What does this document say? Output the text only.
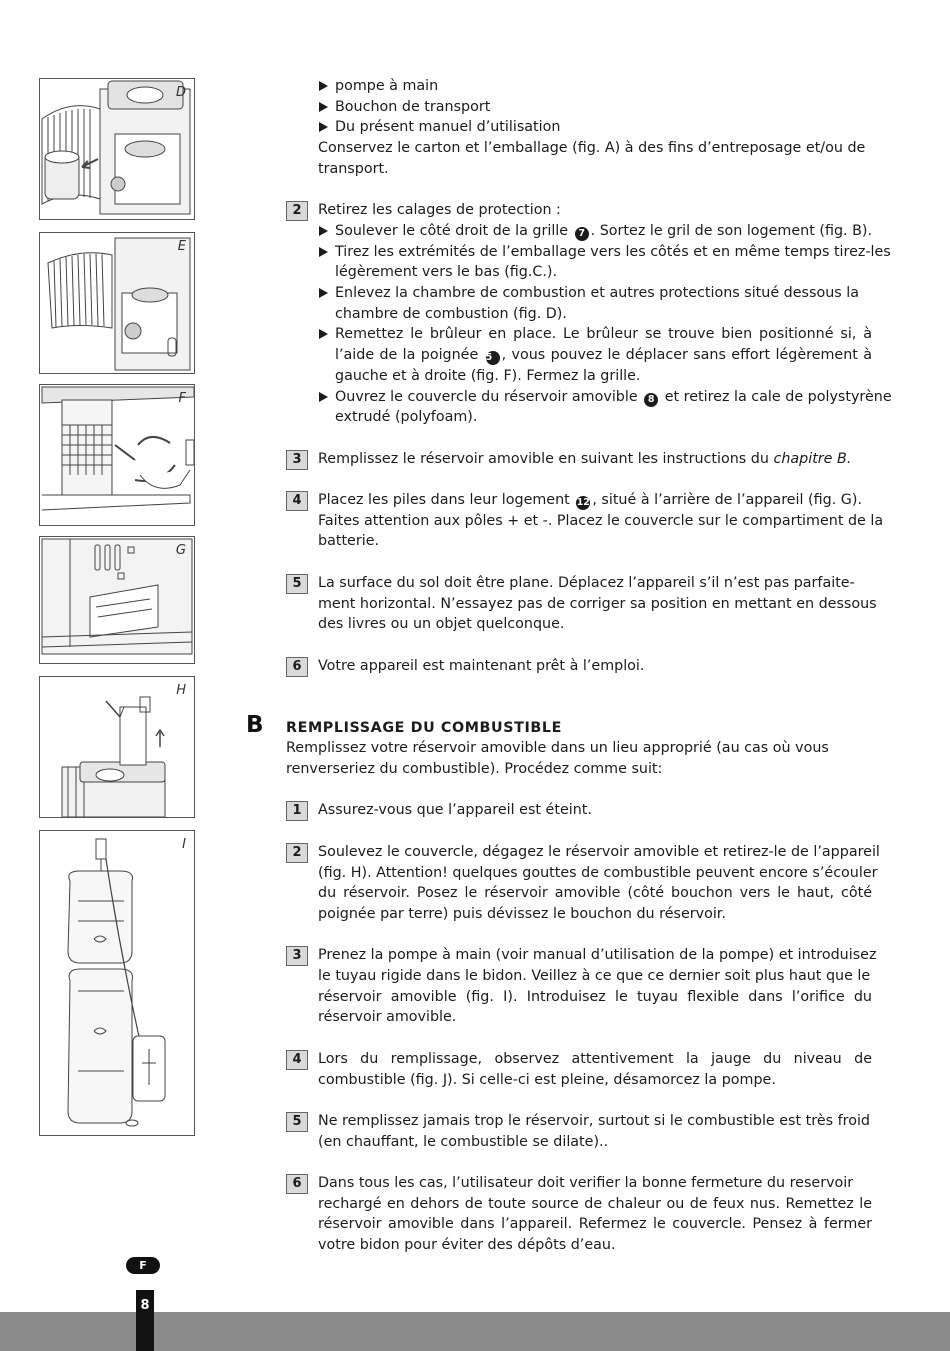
D
E
F
G
H
I
pompe à main
Bouchon de transport
Du présent manuel d’utilisation
Conservez le carton et l’emballage (fig. A) à des fins d’entreposage et/ou de
transport.
2	Retirez les calages de protection :
Soulever le côté droit de la grille 7 . Sortez le gril de son logement (fig. B).
Tirez les extrémités de l’emballage vers les côtés et en même temps tirez-les
légèrement vers le bas (fig.C.).
Enlevez la chambre de combustion et autres protections situé dessous la
chambre de combustion (fig. D).
Remettez le brûleur en place. Le brûleur se trouve bien positionné si, à
l’aide de la poignée 5 , vous pouvez le déplacer sans effort légèrement à
gauche et à droite (fig. F). Fermez la grille.
Ouvrez le couvercle du réservoir amovible 8 et retirez la cale de polystyrène
extrudé (polyfoam).
3	Remplissez le réservoir amovible en suivant les instructions du chapitre B.
4	Placez les piles dans leur logement 12 , situé à l’arrière de l’appareil (fig. G).
Faites attention aux pôles + et -. Placez le couvercle sur le compartiment de la
batterie.
5	La surface du sol doit être plane. Déplacez l’appareil s’il n’est pas parfaite-
ment horizontal. N’essayez pas de corriger sa position en mettant en dessous
des livres ou un objet quelconque.
6	Votre appareil est maintenant prêt à l’emploi.
REMPLISSAGE DU COMBUSTIBLE
Remplissez votre réservoir amovible dans un lieu approprié (au cas où vous
renverseriez du combustible). Procédez comme suit:
1	Assurez-vous que l’appareil est éteint.
2	Soulevez le couvercle, dégagez le réservoir amovible et retirez-le de l’appareil
(fig. H). Attention! quelques gouttes de combustible peuvent encore s’écouler
du réservoir. Posez le réservoir amovible (côté bouchon vers le haut, côté
poignée par terre) puis dévissez le bouchon du réservoir.
3	Prenez la pompe à main (voir manual d’utilisation de la pompe) et introduisez
le tuyau rigide dans le bidon. Veillez à ce que ce dernier soit plus haut que le
réservoir amovible (fig. I). Introduisez le tuyau flexible dans l’orifice du
réservoir amovible.
4	Lors du remplissage, observez attentivement la jauge du niveau de
combustible (fig. J). Si celle-ci est pleine, désamorcez la pompe.
5	Ne remplissez jamais trop le réservoir, surtout si le combustible est très froid
(en chauffant, le combustible se dilate)..
6	Dans tous les cas, l’utilisateur doit verifier la bonne fermeture du reservoir
rechargé en dehors de toute source de chaleur ou de feux nus. Remettez le
réservoir amovible dans l’appareil. Refermez le couvercle. Pensez à fermer
votre bidon pour éviter des dépôts d’eau.
B
F
8
